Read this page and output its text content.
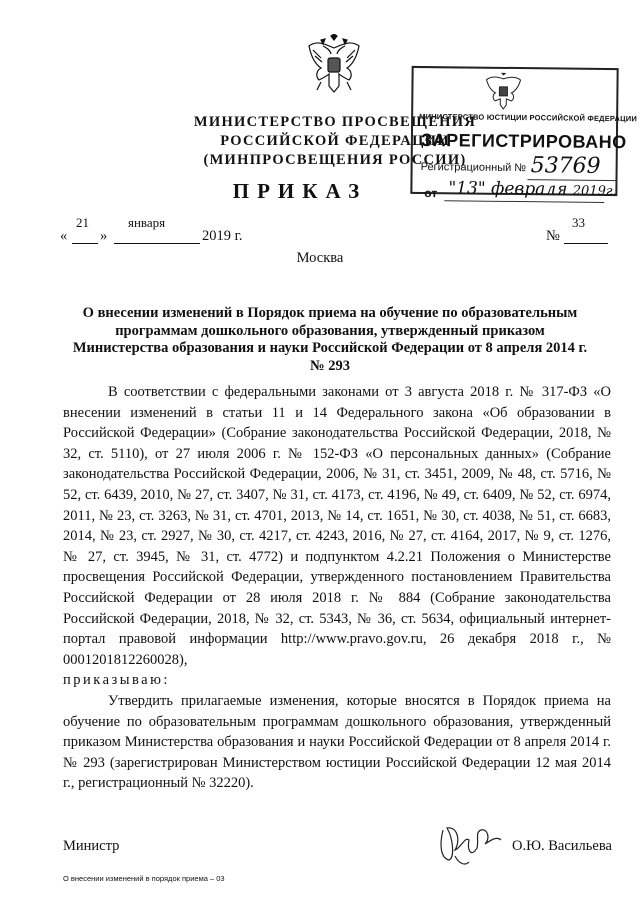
МИНИСТЕРСТВО ПРОСВЕЩЕНИЯ
РОССИЙСКОЙ ФЕДЕРАЦИИ
(МИНПРОСВЕЩЕНИЯ РОССИИ)
ПРИКАЗ
МИНИСТЕРСТВО ЮСТИЦИИ РОССИЙСКОЙ ФЕДЕРАЦИИ
ЗАРЕГИСТРИРОВАНО
Регистрационный № 53769
от "13" февраля 2019г.
«
21
»
января
2019 г.	№
33
Москва
О внесении изменений в Порядок приема на обучение по образовательным программам дошкольного образования, утвержденный приказом Министерства образования и науки Российской Федерации от 8 апреля 2014 г. № 293

В соответствии с федеральными законами от 3 августа 2018 г. № 317-ФЗ «О внесении изменений в статьи 11 и 14 Федерального закона «Об образовании в Российской Федерации» (Собрание законодательства Российской Федерации, 2018, № 32, ст. 5110), от 27 июля 2006 г. № 152-ФЗ «О персональных данных» (Собрание законодательства Российской Федерации, 2006, № 31, ст. 3451, 2009, № 48, ст. 5716, № 52, ст. 6439, 2010, № 27, ст. 3407, № 31, ст. 4173, ст. 4196, № 49, ст. 6409, № 52, ст. 6974, 2011, № 23, ст. 3263, № 31, ст. 4701, 2013, № 14, ст. 1651, № 30, ст. 4038, № 51, ст. 6683, 2014, № 23, ст. 2927, № 30, ст. 4217, ст. 4243, 2016, № 27, ст. 4164, 2017, № 9, ст. 1276, № 27, ст. 3945, № 31, ст. 4772) и подпунктом 4.2.21 Положения о Министерстве просвещения Российской Федерации, утвержденного постановлением Правительства Российской Федерации от 28 июля 2018 г. № 884 (Собрание законодательства Российской Федерации, 2018, № 32, ст. 5343, № 36, ст. 5634, официальный интернет-портал правовой информации http://www.pravo.gov.ru, 26 декабря 2018 г., № 0001201812260028),

приказываю:

Утвердить прилагаемые изменения, которые вносятся в Порядок приема на обучение по образовательным программам дошкольного образования, утвержденный приказом Министерства образования и науки Российской Федерации от 8 апреля 2014 г. № 293 (зарегистрирован Министерством юстиции Российской Федерации 12 мая 2014 г., регистрационный № 32220).

Министр	О.Ю. Васильева
О внесении изменений в порядок приема – 03
